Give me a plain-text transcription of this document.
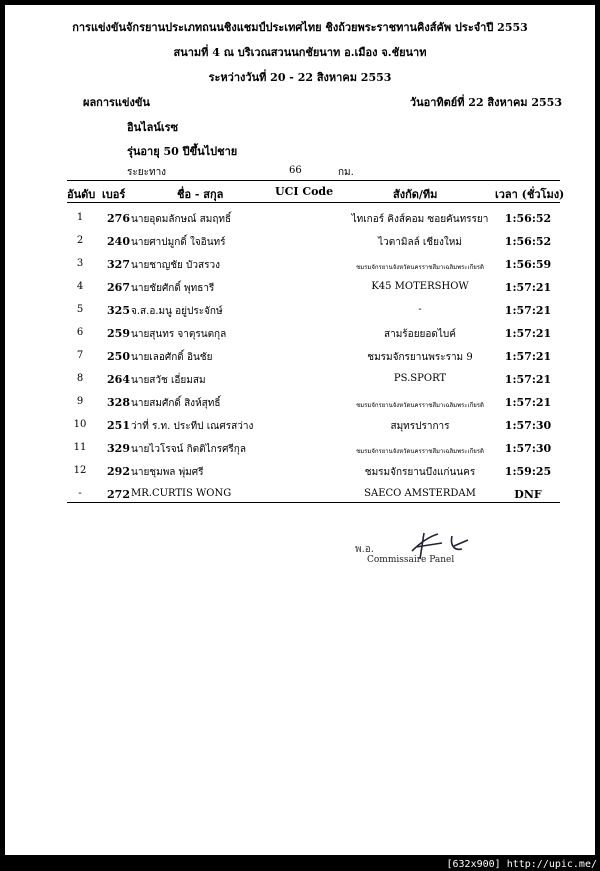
การแข่งขันจักรยานประเภทถนนชิงแชมป์ประเทศไทย ชิงถ้วยพระราชทานคิงส์คัพ ประจำปี 2553
สนามที่ 4 ณ บริเวณสวนนกชัยนาท อ.เมือง จ.ชัยนาท
ระหว่างวันที่ 20 - 22 สิงหาคม 2553
ผลการแข่งขัน	วันอาทิตย์ที่ 22 สิงหาคม 2553
อินไลน์เรซ
รุ่นอายุ 50 ปีขึ้นไปชาย
ระยะทาง	66	กม.
อันดับ เบอร์	ชื่อ - สกุล	UCI Code	สังกัด/ทีม	เวลา (ชั่วโมง)
1	276 นายอุดมลักษณ์ สมฤทธิ์	ไทเกอร์ คิงส์คอม ซอยคันทรรยา	1:56:52
2	240 นายศาปมูกดิ์ ใจอินทร์	ไวตามิลล์ เชียงใหม่	1:56:52
3	327 นายชาญชัย บัวสรวง	ชมรมจักรยานจังหวัดนครราชสีมาเฉลิมพระเกียรติ	1:56:59
4	267 นายชัยศักดิ์ พุทธารี	K45 MOTERSHOW	1:57:21
5	325 จ.ส.อ.มนู อยู่ประจักษ์	-	1:57:21
6	259 นายสุนทร จาตุรนตกุล	สามร้อยยอดไบค์	1:57:21
7	250 นายเลอศักดิ์ อินชัย	ชมรมจักรยานพระราม 9	1:57:21
8	264 นายสวัช เอี่ยมสม	PS.SPORT	1:57:21
9	328 นายสมศักดิ์ สิงห์สุทธิ์	ชมรมจักรยานจังหวัดนครราชสีมาเฉลิมพระเกียรติ	1:57:21
10	251 ว่าที่ ร.ท. ประทีป เณศรสว่าง	สมุทรปราการ	1:57:30
11	329 นายไวโรจน์ กิตติไกรศรีกุล	ชมรมจักรยานจังหวัดนครราชสีมาเฉลิมพระเกียรติ	1:57:30
12	292 นายชุมพล พุ่มศรี	ชมรมจักรยานบึงแก่นนคร	1:59:25
-	272 MR.CURTIS WONG	SAECO AMSTERDAM	DNF
พ.อ.
Commissaire Panel
[632x900] http://upic.me/
